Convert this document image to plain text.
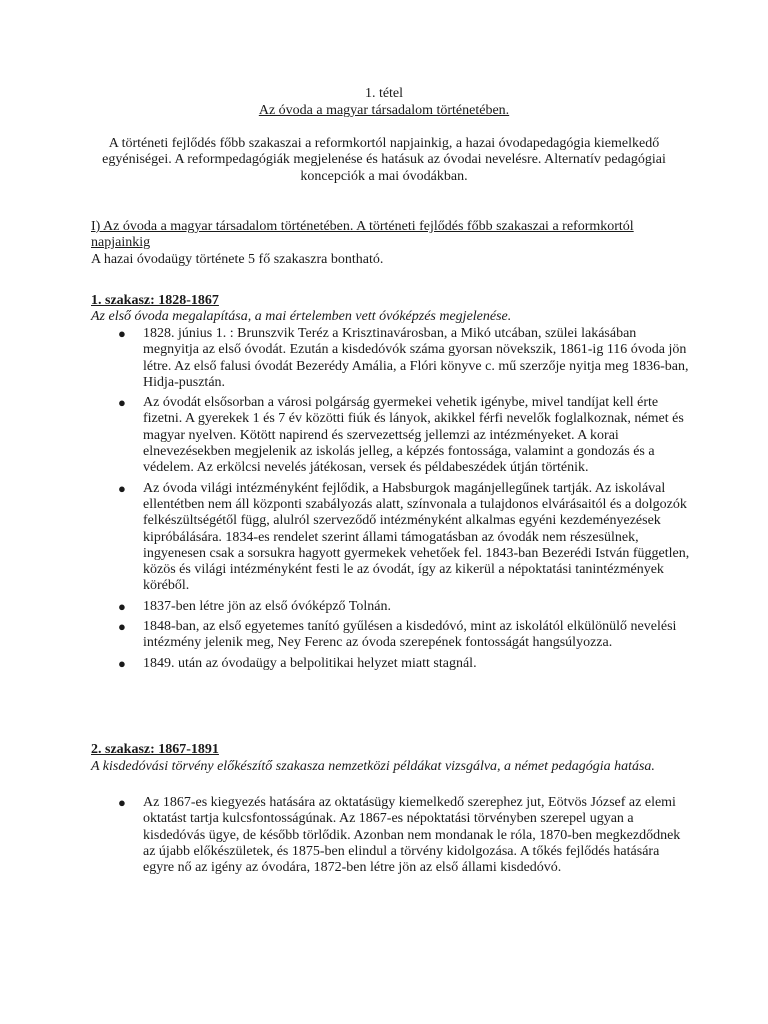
1. tétel
Az óvoda a magyar társadalom történetében.
A történeti fejlődés főbb szakaszai a reformkortól napjainkig, a hazai óvodapedagógia kiemelkedő egyéniségei. A reformpedagógiák megjelenése és hatásuk az óvodai nevelésre. Alternatív pedagógiai koncepciók a mai óvodákban.
I) Az óvoda a magyar társadalom történetében. A történeti fejlődés főbb szakaszai a reformkortól napjainkig
A hazai óvodaügy története 5 fő szakaszra bontható.
1. szakasz: 1828-1867
Az első óvoda megalapítása, a mai értelemben vett óvóképzés megjelenése.
● 1828. június 1. : Brunszvik Teréz a Krisztinavárosban, a Mikó utcában, szülei lakásában megnyitja az első óvodát. Ezután a kisdedóvók száma gyorsan növekszik, 1861-ig 116 óvoda jön létre. Az első falusi óvodát Bezerédy Amália, a Flóri könyve c. mű szerzője nyitja meg 1836-ban, Hidja-pusztán.
● Az óvodát elsősorban a városi polgárság gyermekei vehetik igénybe, mivel tandíjat kell érte fizetni. A gyerekek 1 és 7 év közötti fiúk és lányok, akikkel férfi nevelők foglalkoznak, német és magyar nyelven. Kötött napirend és szervezettség jellemzi az intézményeket. A korai elnevezésekben megjelenik az iskolás jelleg, a képzés fontossága, valamint a gondozás és a védelem. Az erkölcsi nevelés játékosan, versek és példabeszédek útján történik.
● Az óvoda világi intézményként fejlődik, a Habsburgok magánjellegűnek tartják. Az iskolával ellentétben nem áll központi szabályozás alatt, színvonala a tulajdonos elvárásaitól és a dolgozók felkészültségétől függ, alulról szerveződő intézményként alkalmas egyéni kezdeményezések kipróbálására. 1834-es rendelet szerint állami támogatásban az óvodák nem részesülnek, ingyenesen csak a sorsukra hagyott gyermekek vehetőek fel. 1843-ban Bezerédi István független, közös és világi intézményként festi le az óvodát, így az kikerül a népoktatási tanintézmények köréből.
● 1837-ben létre jön az első óvóképző Tolnán.
● 1848-ban, az első egyetemes tanító gyűlésen a kisdedóvó, mint az iskolától elkülönülő nevelési intézmény jelenik meg, Ney Ferenc az óvoda szerepének fontosságát hangsúlyozza.
● 1849. után az óvodaügy a belpolitikai helyzet miatt stagnál.
2. szakasz: 1867-1891
A kisdedóvási törvény előkészítő szakasza nemzetközi példákat vizsgálva, a német pedagógia hatása.
● Az 1867-es kiegyezés hatására az oktatásügy kiemelkedő szerephez jut, Eötvös József az elemi oktatást tartja kulcsfontosságúnak. Az 1867-es népoktatási törvényben szerepel ugyan a kisdedóvás ügye, de később törlődik. Azonban nem mondanak le róla, 1870-ben megkezdődnek az újabb előkészületek, és 1875-ben elindul a törvény kidolgozása. A tőkés fejlődés hatására egyre nő az igény az óvodára, 1872-ben létre jön az első állami kisdedóvó.
